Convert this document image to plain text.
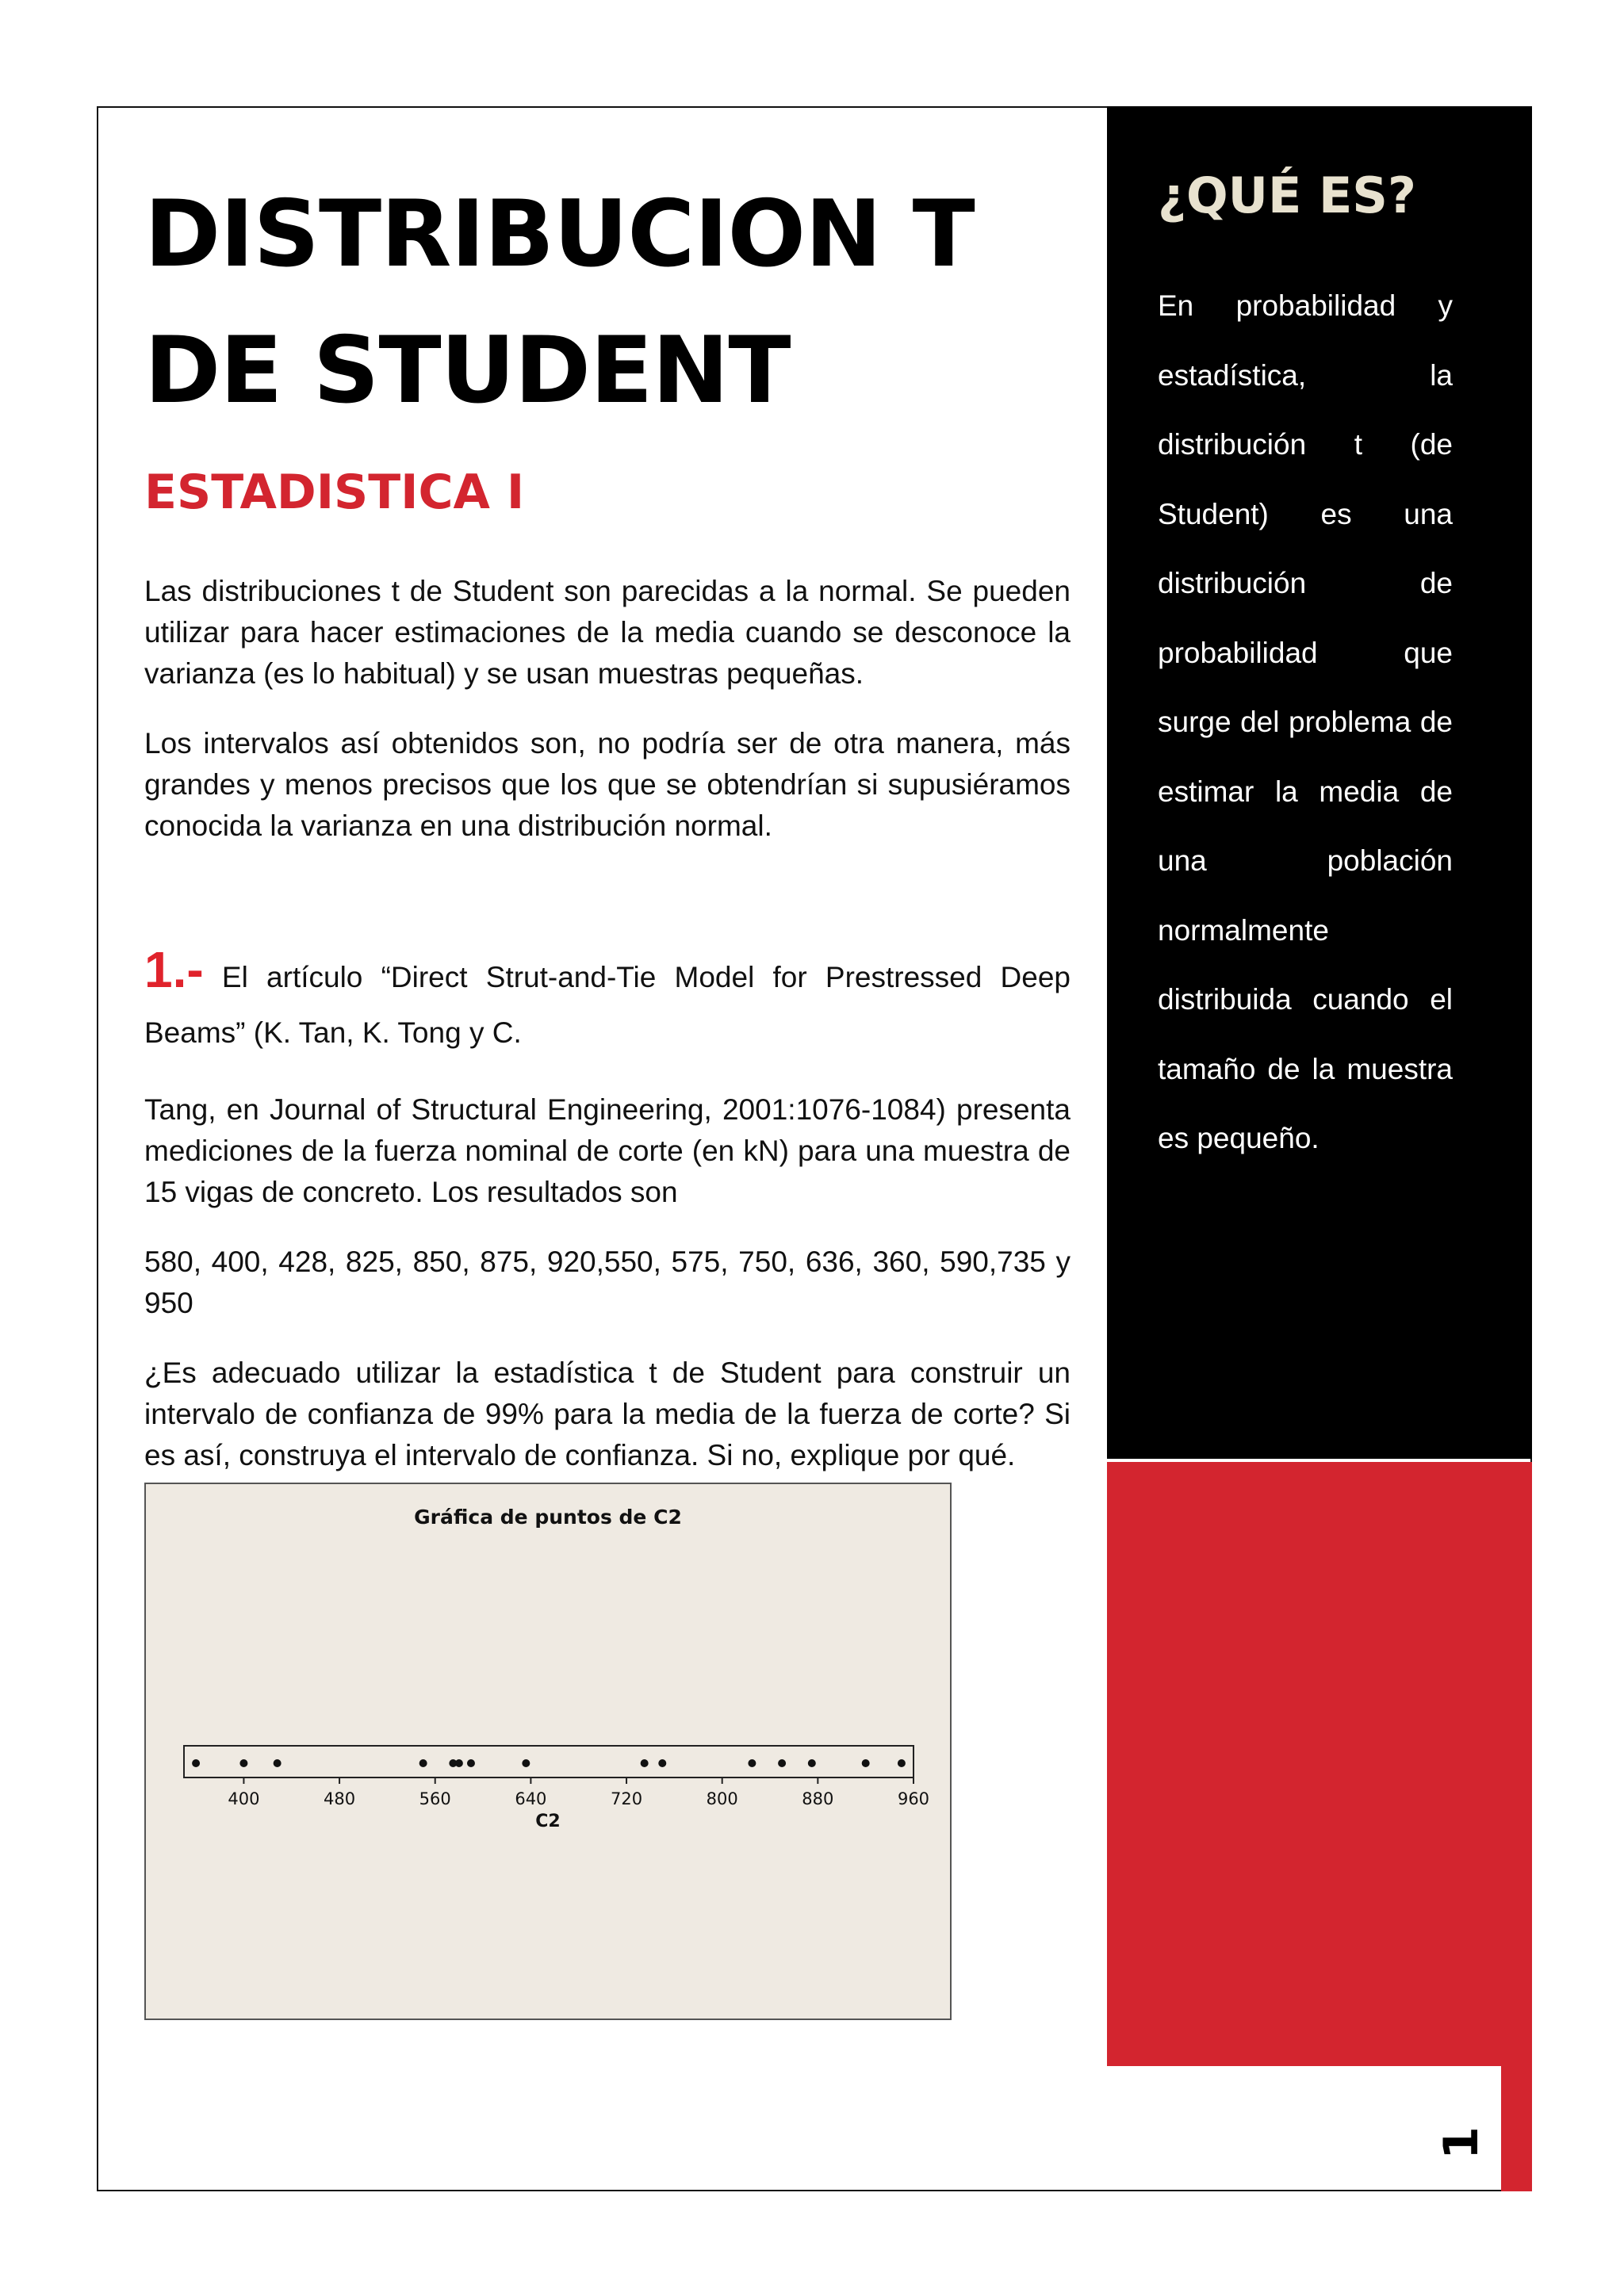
DISTRIBUCION T
DE STUDENT
ESTADISTICA I

Las distribuciones t de Student son parecidas a la normal. Se pueden utilizar para hacer estimaciones de la media cuando se desconoce la varianza (es lo habitual) y se usan muestras pequeñas.

Los intervalos así obtenidos son, no podría ser de otra manera, más grandes y menos precisos que los que se obtendrían si supusiéramos conocida la varianza en una distribución normal.

1.- El artículo “Direct Strut-and-Tie Model for Prestressed Deep Beams” (K. Tan, K. Tong y C.

Tang, en Journal of Structural Engineering, 2001:1076-1084) presenta mediciones de la fuerza nominal de corte (en kN) para una muestra de 15 vigas de concreto. Los resultados son

580, 400, 428, 825, 850, 875, 920,550, 575, 750, 636, 360, 590,735 y 950

¿Es adecuado utilizar la estadística t de Student para construir un intervalo de confianza de 99% para la media de la fuerza de corte? Si es así, construya el intervalo de confianza. Si no, explique por qué.

Gráfica de puntos de C2
400	480	560	640	720	800	880	960
C2
¿QUÉ ES?
En probabilidad y estadística, la distribución t (de Student) es una distribución de probabilidad que surge del problema de estimar la media de una población normalmente distribuida cuando el tamaño de la muestra es pequeño.
1
